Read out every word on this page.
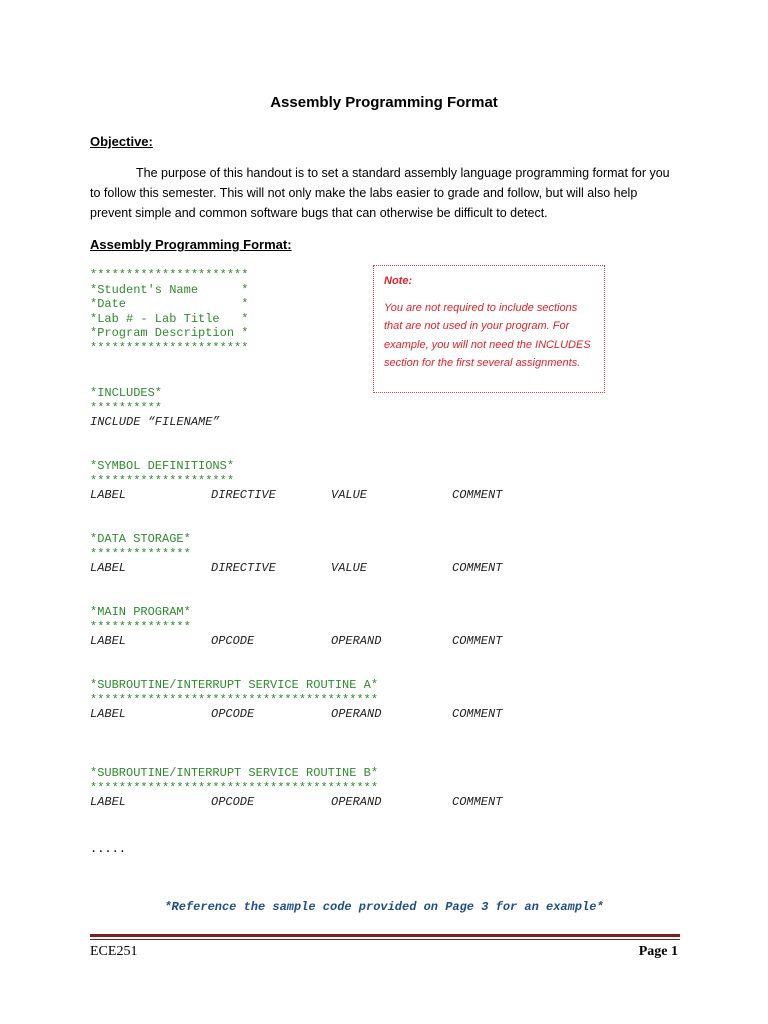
Assembly Programming Format
Objective:

The purpose of this handout is to set a standard assembly language programming format for you to follow this semester. This will not only make the labs easier to grade and follow, but will also help prevent simple and common software bugs that can otherwise be difficult to detect.

Assembly Programming Format:
**********************
*Student's Name      *
*Date                *
*Lab # - Lab Title   *
*Program Description *
**********************
Note:
You are not required to include sections that are not used in your program. For example, you will not need the INCLUDES section for the first several assignments.
*INCLUDES*
**********
INCLUDE “FILENAME”
*SYMBOL DEFINITIONS*
********************
LABEL	DIRECTIVE	VALUE	COMMENT
*DATA STORAGE*
**************
LABEL	DIRECTIVE	VALUE	COMMENT
*MAIN PROGRAM*
**************
LABEL	OPCODE	OPERAND	COMMENT
*SUBROUTINE/INTERRUPT SERVICE ROUTINE A*
****************************************
LABEL	OPCODE	OPERAND	COMMENT
*SUBROUTINE/INTERRUPT SERVICE ROUTINE B*
****************************************
LABEL	OPCODE	OPERAND	COMMENT
.....
*Reference the sample code provided on Page 3 for an example*
ECE251	Page 1
